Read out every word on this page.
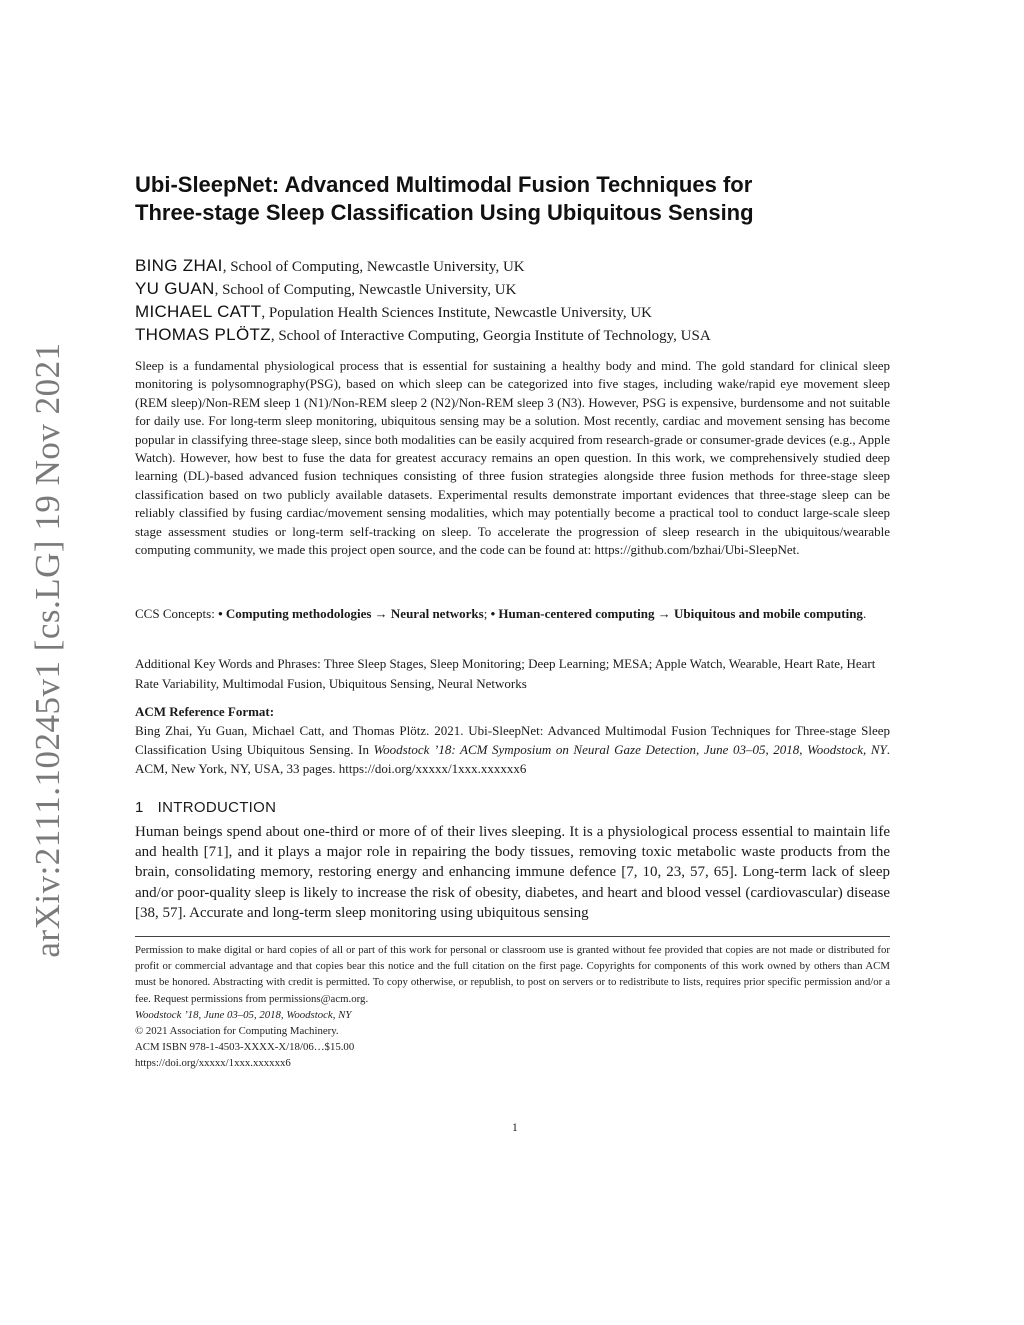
arXiv:2111.10245v1 [cs.LG] 19 Nov 2021
Ubi-SleepNet: Advanced Multimodal Fusion Techniques for
Three-stage Sleep Classification Using Ubiquitous Sensing
BING ZHAI, School of Computing, Newcastle University, UK
YU GUAN, School of Computing, Newcastle University, UK
MICHAEL CATT, Population Health Sciences Institute, Newcastle University, UK
THOMAS PLÖTZ, School of Interactive Computing, Georgia Institute of Technology, USA

Sleep is a fundamental physiological process that is essential for sustaining a healthy body and mind. The gold standard for clinical sleep monitoring is polysomnography(PSG), based on which sleep can be categorized into five stages, including wake/rapid eye movement sleep (REM sleep)/Non-REM sleep 1 (N1)/Non-REM sleep 2 (N2)/Non-REM sleep 3 (N3). However, PSG is expensive, burdensome and not suitable for daily use. For long-term sleep monitoring, ubiquitous sensing may be a solution. Most recently, cardiac and movement sensing has become popular in classifying three-stage sleep, since both modalities can be easily acquired from research-grade or consumer-grade devices (e.g., Apple Watch). However, how best to fuse the data for greatest accuracy remains an open question. In this work, we comprehensively studied deep learning (DL)-based advanced fusion techniques consisting of three fusion strategies alongside three fusion methods for three-stage sleep classification based on two publicly available datasets. Experimental results demonstrate important evidences that three-stage sleep can be reliably classified by fusing cardiac/movement sensing modalities, which may potentially become a practical tool to conduct large-scale sleep stage assessment studies or long-term self-tracking on sleep. To accelerate the progression of sleep research in the ubiquitous/wearable computing community, we made this project open source, and the code can be found at: https://github.com/bzhai/Ubi-SleepNet.

CCS Concepts: • Computing methodologies → Neural networks; • Human-centered computing → Ubiquitous and mobile computing.

Additional Key Words and Phrases: Three Sleep Stages, Sleep Monitoring; Deep Learning; MESA; Apple Watch, Wearable, Heart Rate, Heart Rate Variability, Multimodal Fusion, Ubiquitous Sensing, Neural Networks

ACM Reference Format:

Bing Zhai, Yu Guan, Michael Catt, and Thomas Plötz. 2021. Ubi-SleepNet: Advanced Multimodal Fusion Techniques for Three-stage Sleep Classification Using Ubiquitous Sensing. In Woodstock ’18: ACM Symposium on Neural Gaze Detection, June 03–05, 2018, Woodstock, NY. ACM, New York, NY, USA, 33 pages. https://doi.org/xxxxx/1xxx.xxxxxx6

1 INTRODUCTION

Human beings spend about one-third or more of of their lives sleeping. It is a physiological process essential to maintain life and health [71], and it plays a major role in repairing the body tissues, removing toxic metabolic waste products from the brain, consolidating memory, restoring energy and enhancing immune defence [7, 10, 23, 57, 65]. Long-term lack of sleep and/or poor-quality sleep is likely to increase the risk of obesity, diabetes, and heart and blood vessel (cardiovascular) disease [38, 57]. Accurate and long-term sleep monitoring using ubiquitous sensing

Permission to make digital or hard copies of all or part of this work for personal or classroom use is granted without fee provided that copies are not made or distributed for profit or commercial advantage and that copies bear this notice and the full citation on the first page. Copyrights for components of this work owned by others than ACM must be honored. Abstracting with credit is permitted. To copy otherwise, or republish, to post on servers or to redistribute to lists, requires prior specific permission and/or a fee. Request permissions from permissions@acm.org.

Woodstock ’18, June 03–05, 2018, Woodstock, NY

© 2021 Association for Computing Machinery.

ACM ISBN 978-1-4503-XXXX-X/18/06…$15.00

https://doi.org/xxxxx/1xxx.xxxxxx6

1
